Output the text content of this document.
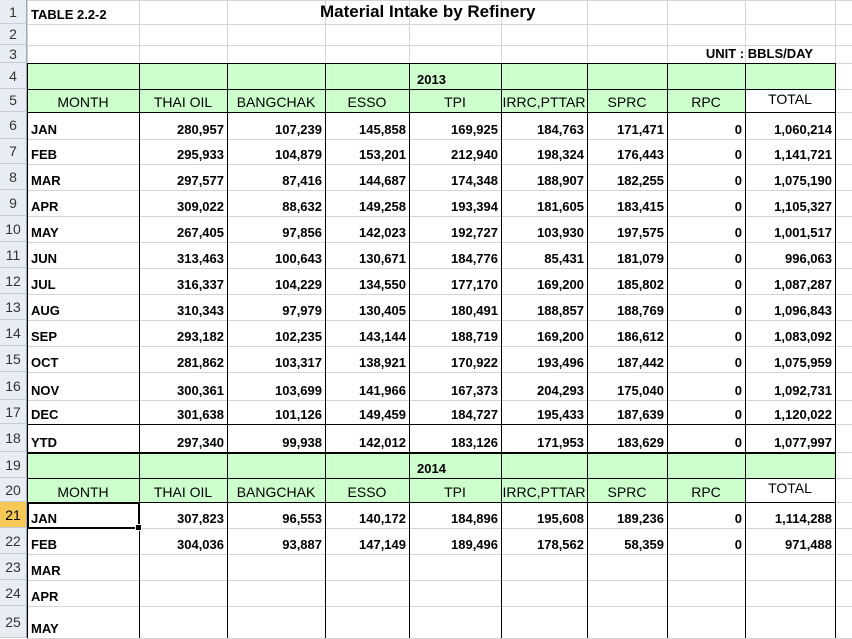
1
2
3
4
5
6
7
8
9
10
11
12
13
14
15
16
17
18
19
20
21
22
23
24
25
TABLE 2.2-2	Material Intake by Refinery
UNIT : BBLS/DAY
2013
2014
MONTH	THAI OIL	BANGCHAK	ESSO	TPI	IRRC,PTTAR	SPRC	RPC	TOTAL
MONTH	THAI OIL	BANGCHAK	ESSO	TPI	IRRC,PTTAR	SPRC	RPC	TOTAL
JAN	280,957	107,239	145,858	169,925	184,763	171,471	0	1,060,214
FEB	295,933	104,879	153,201	212,940	198,324	176,443	0	1,141,721
MAR	297,577	87,416	144,687	174,348	188,907	182,255	0	1,075,190
APR	309,022	88,632	149,258	193,394	181,605	183,415	0	1,105,327
MAY	267,405	97,856	142,023	192,727	103,930	197,575	0	1,001,517
JUN	313,463	100,643	130,671	184,776	85,431	181,079	0	996,063
JUL	316,337	104,229	134,550	177,170	169,200	185,802	0	1,087,287
AUG	310,343	97,979	130,405	180,491	188,857	188,769	0	1,096,843
SEP	293,182	102,235	143,144	188,719	169,200	186,612	0	1,083,092
OCT	281,862	103,317	138,921	170,922	193,496	187,442	0	1,075,959
NOV	300,361	103,699	141,966	167,373	204,293	175,040	0	1,092,731
DEC	301,638	101,126	149,459	184,727	195,433	187,639	0	1,120,022
YTD	297,340	99,938	142,012	183,126	171,953	183,629	0	1,077,997
JAN	307,823	96,553	140,172	184,896	195,608	189,236	0	1,114,288
FEB	304,036	93,887	147,149	189,496	178,562	58,359	0	971,488
MAR
APR
MAY
